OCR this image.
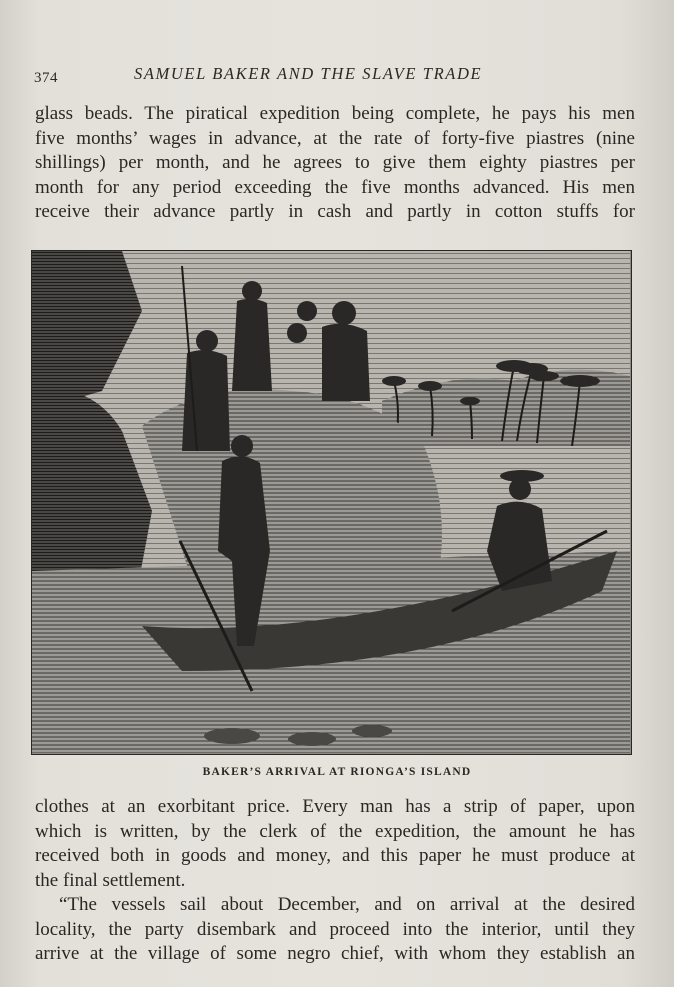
374	SAMUEL BAKER AND THE SLAVE TRADE
glass beads. The piratical expedition being complete, he pays his men
five months’ wages in advance, at the rate of forty-five piastres (nine
shillings) per month, and he agrees to give them eighty piastres per
month for any period exceeding the five months advanced. His men
receive their advance partly in cash and partly in cotton stuffs for
BAKER’S ARRIVAL AT RIONGA’S ISLAND
clothes at an exorbitant price. Every man has a strip of paper, upon
which is written, by the clerk of the expedition, the amount he has
received both in goods and money, and this paper he must produce at
the final settlement.
“The vessels sail about December, and on arrival at the desired
locality, the party disembark and proceed into the interior, until they
arrive at the village of some negro chief, with whom they establish an
